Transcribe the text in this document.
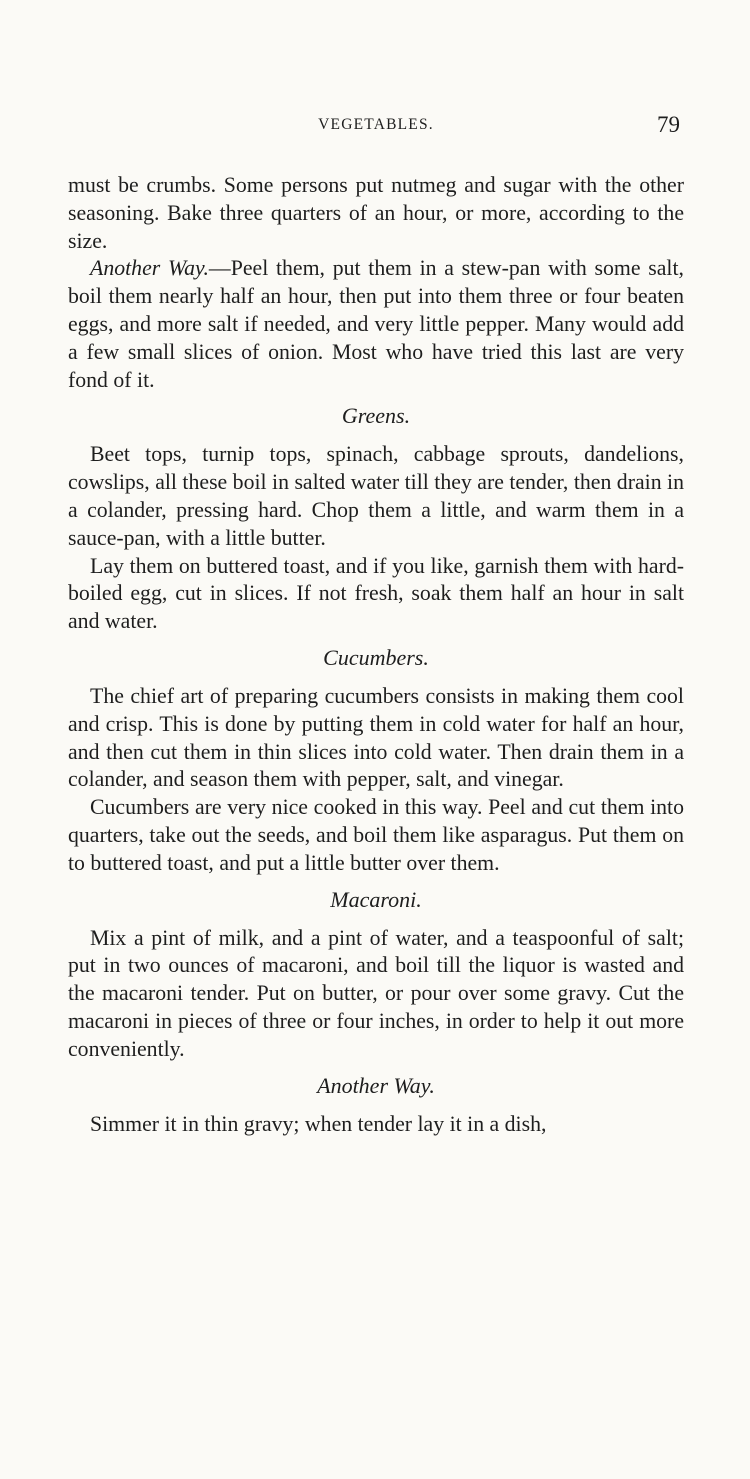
VEGETABLES.	79

must be crumbs. Some persons put nutmeg and sugar with the other seasoning. Bake three quarters of an hour, or more, according to the size.

Another Way.—Peel them, put them in a stew-pan with some salt, boil them nearly half an hour, then put into them three or four beaten eggs, and more salt if needed, and very little pepper. Many would add a few small slices of onion. Most who have tried this last are very fond of it.

Greens.

Beet tops, turnip tops, spinach, cabbage sprouts, dandelions, cowslips, all these boil in salted water till they are tender, then drain in a colander, pressing hard. Chop them a little, and warm them in a sauce-pan, with a little butter.

Lay them on buttered toast, and if you like, garnish them with hard-boiled egg, cut in slices. If not fresh, soak them half an hour in salt and water.

Cucumbers.

The chief art of preparing cucumbers consists in making them cool and crisp. This is done by putting them in cold water for half an hour, and then cut them in thin slices into cold water. Then drain them in a colander, and season them with pepper, salt, and vinegar.

Cucumbers are very nice cooked in this way. Peel and cut them into quarters, take out the seeds, and boil them like asparagus. Put them on to buttered toast, and put a little butter over them.

Macaroni.

Mix a pint of milk, and a pint of water, and a teaspoonful of salt; put in two ounces of macaroni, and boil till the liquor is wasted and the macaroni tender. Put on butter, or pour over some gravy. Cut the macaroni in pieces of three or four inches, in order to help it out more conveniently.

Another Way.

Simmer it in thin gravy; when tender lay it in a dish,
